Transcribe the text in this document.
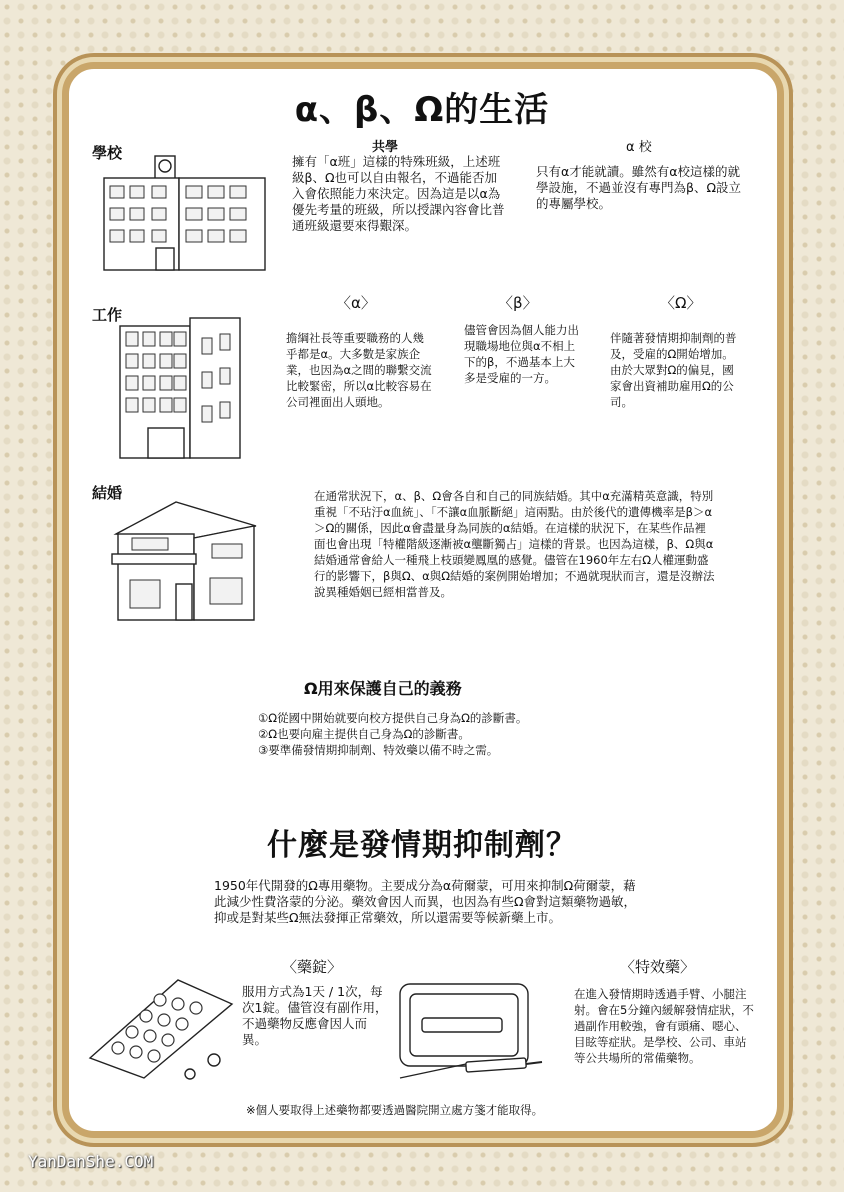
α、β、Ω的生活
學校	共學
擁有「α班」這樣的特殊班級，上述班級β、Ω也可以自由報名，不過能否加入會依照能力來決定。因為這是以α為優先考量的班級，所以授課內容會比普通班級還要來得艱深。
α 校
只有α才能就讀。雖然有α校這樣的就學設施，不過並沒有專門為β、Ω設立的專屬學校。
工作
〈α〉
擔綱社長等重要職務的人幾乎都是α。大多數是家族企業，也因為α之間的聯繫交流比較緊密，所以α比較容易在公司裡面出人頭地。
〈β〉
儘管會因為個人能力出現職場地位與α不相上下的β，不過基本上大多是受雇的一方。
〈Ω〉
伴隨著發情期抑制劑的普及，受雇的Ω開始增加。由於大眾對Ω的偏見，國家會出資補助雇用Ω的公司。
結婚	在通常狀況下，α、β、Ω會各自和自己的同族結婚。其中α充滿精英意識，特別重視「不玷汙α血統」、「不讓α血脈斷絕」這兩點。由於後代的遺傳機率是β＞α＞Ω的關係，因此α會盡量身為同族的α結婚。在這樣的狀況下，在某些作品裡面也會出現「特權階級逐漸被α壟斷獨占」這樣的背景。也因為這樣，β、Ω與α結婚通常會給人一種飛上枝頭變鳳凰的感覺。儘管在1960年左右Ω人權運動盛行的影響下，β與Ω、α與Ω結婚的案例開始增加；不過就現狀而言，還是沒辦法說異種婚姻已經相當普及。
Ω用來保護自己的義務
①Ω從國中開始就要向校方提供自己身為Ω的診斷書。
②Ω也要向雇主提供自己身為Ω的診斷書。
③要準備發情期抑制劑、特效藥以備不時之需。
什麼是發情期抑制劑？
1950年代開發的Ω專用藥物。主要成分為α荷爾蒙，可用來抑制Ω荷爾蒙，藉此減少性費洛蒙的分泌。藥效會因人而異，也因為有些Ω會對這類藥物過敏，抑或是對某些Ω無法發揮正常藥效，所以還需要等候新藥上市。
〈藥錠〉
服用方式為1天 / 1次，每次1錠。儘管沒有副作用，不過藥物反應會因人而異。
〈特效藥〉
在進入發情期時透過手臂、小腿注射。會在5分鐘內緩解發情症狀，不過副作用較強，會有頭痛、噁心、目眩等症狀。是學校、公司、車站等公共場所的常備藥物。
※個人要取得上述藥物都要透過醫院開立處方箋才能取得。
YanDanShe.COM
